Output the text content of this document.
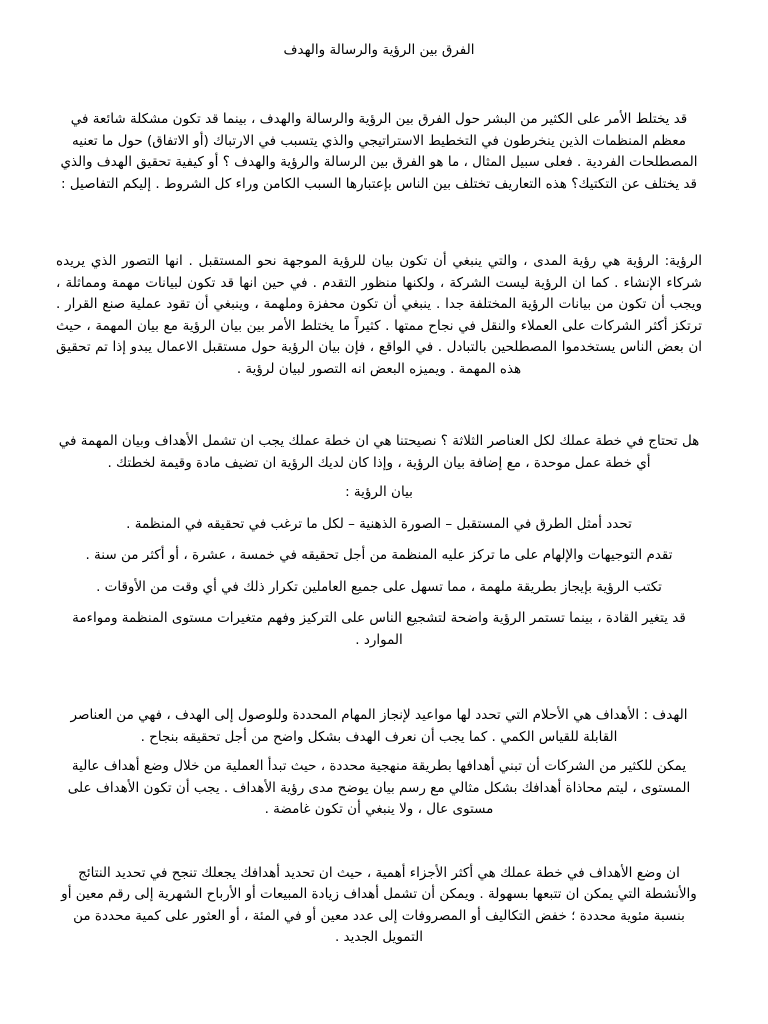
الفرق بين الرؤية والرسالة والهدف

قد يختلط الأمر على الكثير من البشر حول الفرق بين الرؤية والرسالة والهدف ، بينما قد تكون مشكلة شائعة في معظم المنظمات الذين ينخرطون في التخطيط الاستراتيجي والذي يتسبب في الارتباك (أو الاتفاق) حول ما تعنيه المصطلحات الفردية . فعلى سبيل المثال ، ما هو الفرق بين الرسالة والرؤية والهدف ؟ أو كيفية تحقيق الهدف والذي قد يختلف عن التكتيك؟ هذه التعاريف تختلف بين الناس بإعتبارها السبب الكامن وراء كل الشروط . إليكم التفاصيل :

الرؤية: الرؤية هي رؤية المدى ، والتي ينبغي أن تكون بيان للرؤية الموجهة نحو المستقبل . انها التصور الذي يريده شركاء الإنشاء . كما ان الرؤية ليست الشركة ، ولكنها منظور التقدم . في حين انها قد تكون لبيانات مهمة ومماثلة ، ويجب أن تكون من بيانات الرؤية المختلفة جدا . ينبغي أن تكون محفزة وملهمة ، وينبغي أن تقود عملية صنع القرار . ترتكز أكثر الشركات على العملاء والنقل في نجاح ممتها . كثيراً ما يختلط الأمر بين بيان الرؤية مع بيان المهمة ، حيث ان بعض الناس يستخدموا المصطلحين بالتبادل . في الواقع ، فإن بيان الرؤية حول مستقبل الاعمال يبدو إذا تم تحقيق هذه المهمة . ويميزه البعض انه التصور لبيان لرؤية .

هل تحتاج في خطة عملك لكل العناصر الثلاثة ؟ نصيحتنا هي ان خطة عملك يجب ان تشمل الأهداف وبيان المهمة في أي خطة عمل موحدة ، مع إضافة بيان الرؤية ، وإذا كان لديك الرؤية ان تضيف مادة وقيمة لخطتك .

بيان الرؤية :

تحدد أمثل الطرق في المستقبل – الصورة الذهنية – لكل ما ترغب في تحقيقه في المنظمة .

تقدم التوجيهات والإلهام على ما تركز عليه المنظمة من أجل تحقيقه في خمسة ، عشرة ، أو أكثر من سنة .

تكتب الرؤية بإيجاز بطريقة ملهمة ، مما تسهل على جميع العاملين تكرار ذلك في أي وقت من الأوقات .

قد يتغير القادة ، بينما تستمر الرؤية واضحة لتشجيع الناس على التركيز وفهم متغيرات مستوى المنظمة ومواءمة الموارد .

الهدف : الأهداف هي الأحلام التي تحدد لها مواعيد لإنجاز المهام المحددة وللوصول إلى الهدف ، فهي من العناصر القابلة للقياس الكمي . كما يجب أن نعرف الهدف بشكل واضح من أجل تحقيقه بنجاح .

يمكن للكثير من الشركات أن تبني أهدافها بطريقة منهجية محددة ، حيث تبدأ العملية من خلال وضع أهداف عالية المستوى ، ليتم محاذاة أهدافك بشكل مثالي مع رسم بيان يوضح مدى رؤية الأهداف . يجب أن تكون الأهداف على مستوى عال ، ولا ينبغي أن تكون غامضة .

ان وضع الأهداف في خطة عملك هي أكثر الأجزاء أهمية ، حيث ان تحديد أهدافك يجعلك تنجح في تحديد النتائج والأنشطة التي يمكن ان تتبعها بسهولة . ويمكن أن تشمل أهداف زيادة المبيعات أو الأرباح الشهرية إلى رقم معين أو بنسبة مئوية محددة ؛ خفض التكاليف أو المصروفات إلى عدد معين أو في المئة ، أو العثور على كمية محددة من التمويل الجديد .
